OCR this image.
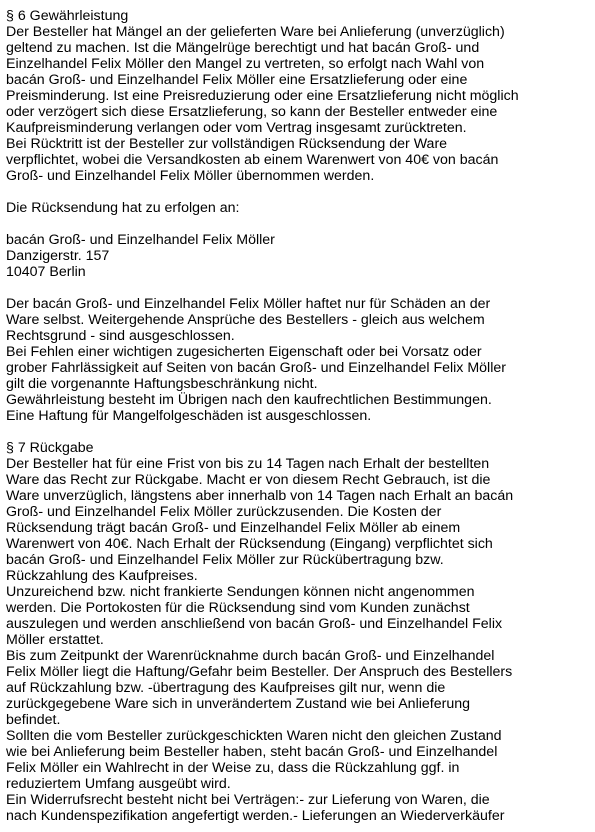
§ 6 Gewährleistung
Der Besteller hat Mängel an der gelieferten Ware bei Anlieferung (unverzüglich)
geltend zu machen. Ist die Mängelrüge berechtigt und hat bacán Groß- und
Einzelhandel Felix Möller den Mangel zu vertreten, so erfolgt nach Wahl von
bacán Groß- und Einzelhandel Felix Möller eine Ersatzlieferung oder eine
Preisminderung. Ist eine Preisreduzierung oder eine Ersatzlieferung nicht möglich
oder verzögert sich diese Ersatzlieferung, so kann der Besteller entweder eine
Kaufpreisminderung verlangen oder vom Vertrag insgesamt zurücktreten.
Bei Rücktritt ist der Besteller zur vollständigen Rücksendung der Ware
verpflichtet, wobei die Versandkosten ab einem Warenwert von 40€ von bacán
Groß- und Einzelhandel Felix Möller übernommen werden.
Die Rücksendung hat zu erfolgen an:
bacán Groß- und Einzelhandel Felix Möller
Danzigerstr. 157
10407 Berlin
Der bacán Groß- und Einzelhandel Felix Möller haftet nur für Schäden an der
Ware selbst. Weitergehende Ansprüche des Bestellers - gleich aus welchem
Rechtsgrund - sind ausgeschlossen.
Bei Fehlen einer wichtigen zugesicherten Eigenschaft oder bei Vorsatz oder
grober Fahrlässigkeit auf Seiten von bacán Groß- und Einzelhandel Felix Möller
gilt die vorgenannte Haftungsbeschränkung nicht.
Gewährleistung besteht im Übrigen nach den kaufrechtlichen Bestimmungen.
Eine Haftung für Mangelfolgeschäden ist ausgeschlossen.
§ 7 Rückgabe
Der Besteller hat für eine Frist von bis zu 14 Tagen nach Erhalt der bestellten
Ware das Recht zur Rückgabe. Macht er von diesem Recht Gebrauch, ist die
Ware unverzüglich, längstens aber innerhalb von 14 Tagen nach Erhalt an bacán
Groß- und Einzelhandel Felix Möller zurückzusenden. Die Kosten der
Rücksendung trägt bacán Groß- und Einzelhandel Felix Möller ab einem
Warenwert von 40€. Nach Erhalt der Rücksendung (Eingang) verpflichtet sich
bacán Groß- und Einzelhandel Felix Möller zur Rückübertragung bzw.
Rückzahlung des Kaufpreises.
Unzureichend bzw. nicht frankierte Sendungen können nicht angenommen
werden. Die Portokosten für die Rücksendung sind vom Kunden zunächst
auszulegen und werden anschließend von bacán Groß- und Einzelhandel Felix
Möller erstattet.
Bis zum Zeitpunkt der Warenrücknahme durch bacán Groß- und Einzelhandel
Felix Möller liegt die Haftung/Gefahr beim Besteller. Der Anspruch des Bestellers
auf Rückzahlung bzw. -übertragung des Kaufpreises gilt nur, wenn die
zurückgegebene Ware sich in unverändertem Zustand wie bei Anlieferung
befindet.
Sollten die vom Besteller zurückgeschickten Waren nicht den gleichen Zustand
wie bei Anlieferung beim Besteller haben, steht bacán Groß- und Einzelhandel
Felix Möller ein Wahlrecht in der Weise zu, dass die Rückzahlung ggf. in
reduziertem Umfang ausgeübt wird.
Ein Widerrufsrecht besteht nicht bei Verträgen:- zur Lieferung von Waren, die
nach Kundenspezifikation angefertigt werden.- Lieferungen an Wiederverkäufer
